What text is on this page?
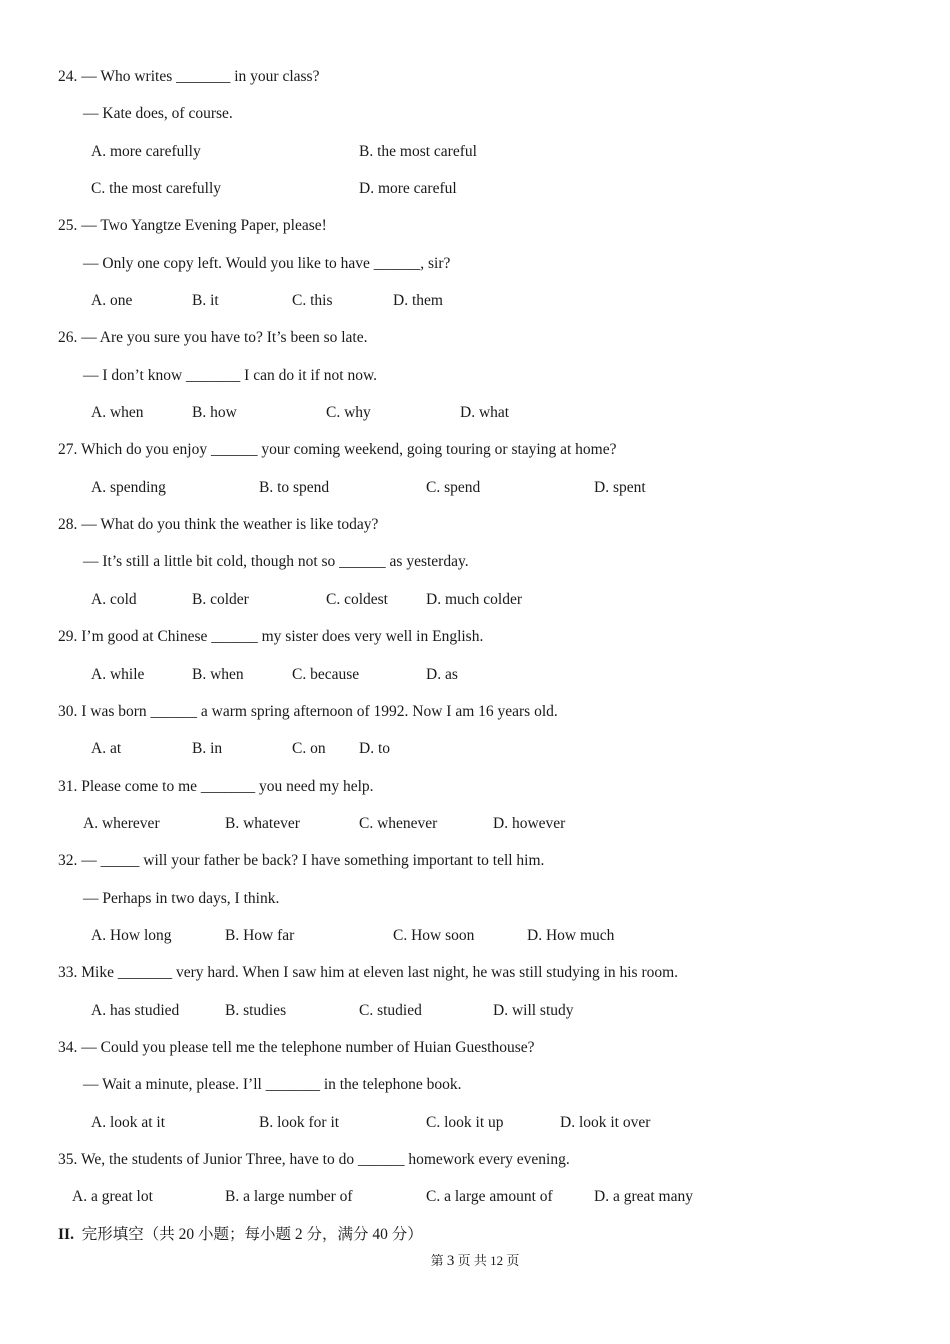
24. — Who writes _______ in your class?
— Kate does, of course.
A. more carefully	B. the most careful
C. the most carefully	D. more careful
25. — Two Yangtze Evening Paper, please!
— Only one copy left. Would you like to have ______, sir?
A. one	B. it	C. this	D. them
26. — Are you sure you have to? It’s been so late.
— I don’t know _______ I can do it if not now.
A. when	B. how	C. why	D. what
27. Which do you enjoy ______ your coming weekend, going touring or staying at home?
A. spending	B. to spend	C. spend	D. spent
28. — What do you think the weather is like today?
— It’s still a little bit cold, though not so ______ as yesterday.
A. cold	B. colder	C. coldest D. much colder
29. I’m good at Chinese ______ my sister does very well in English.
A. while	B. when	C. because	D. as
30. I was born ______ a warm spring afternoon of 1992. Now I am 16 years old.
A. at	B. in	C. on D. to
31. Please come to me _______ you need my help.
A. wherever	B. whatever	C. whenever	D. however
32. — _____ will your father be back? I have something important to tell him.
— Perhaps in two days, I think.
A. How long	B. How far	C. How soon	D. How much
33. Mike _______ very hard. When I saw him at eleven last night, he was still studying in his room.
A. has studied	B. studies	C. studied	D. will study
34. — Could you please tell me the telephone number of Huian Guesthouse?
— Wait a minute, please. I’ll _______ in the telephone book.
A. look at it	B. look for it	C. look it up	D. look it over
35. We, the students of Junior Three, have to do ______ homework every evening.
A. a great lot	B. a large number of	C. a large amount of	D. a great many
II. 完形填空（共 20 小题；每小题 2 分，满分 40 分）
第 3 页 共 12 页
